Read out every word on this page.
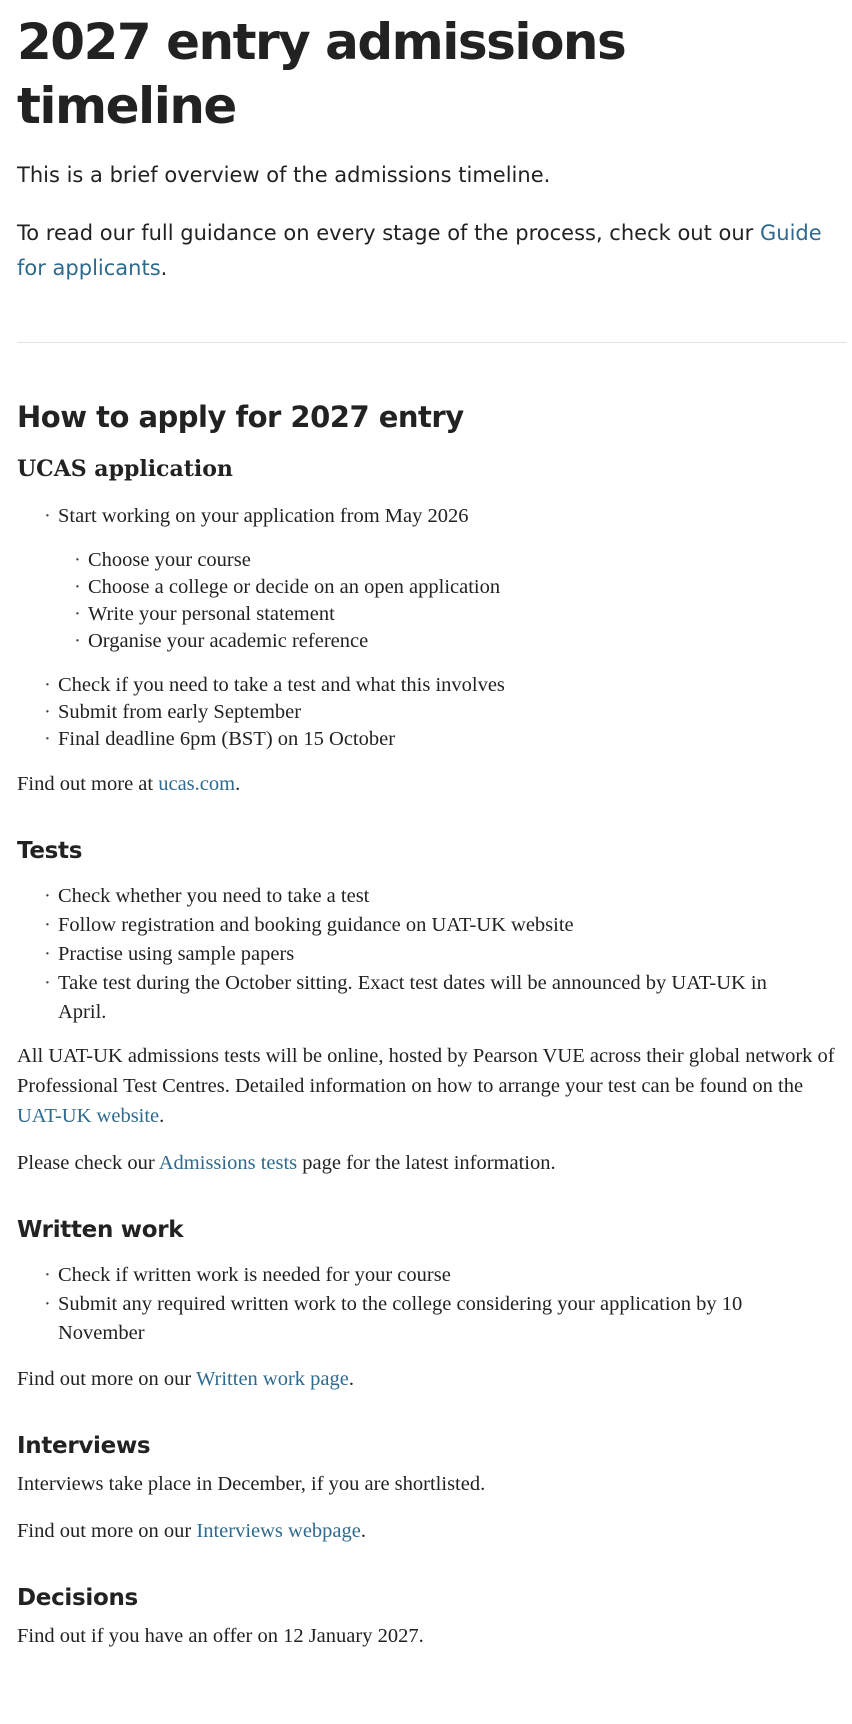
2027 entry admissions timeline

This is a brief overview of the admissions timeline.

To read our full guidance on every stage of the process, check out our Guide for applicants.

How to apply for 2027 entry
UCAS application
· Start working on your application from May 2026
· Choose your course
· Choose a college or decide on an open application
· Write your personal statement
· Organise your academic reference
· Check if you need to take a test and what this involves
· Submit from early September
· Final deadline 6pm (BST) on 15 October

Find out more at ucas.com.

Tests
· Check whether you need to take a test
· Follow registration and booking guidance on UAT-UK website
· Practise using sample papers
· Take test during the October sitting. Exact test dates will be announced by UAT-UK in April.

All UAT-UK admissions tests will be online, hosted by Pearson VUE across their global network of Professional Test Centres. Detailed information on how to arrange your test can be found on the UAT-UK website.

Please check our Admissions tests page for the latest information.

Written work
· Check if written work is needed for your course
· Submit any required written work to the college considering your application by 10 November

Find out more on our Written work page.

Interviews

Interviews take place in December, if you are shortlisted.

Find out more on our Interviews webpage.

Decisions

Find out if you have an offer on 12 January 2027.
